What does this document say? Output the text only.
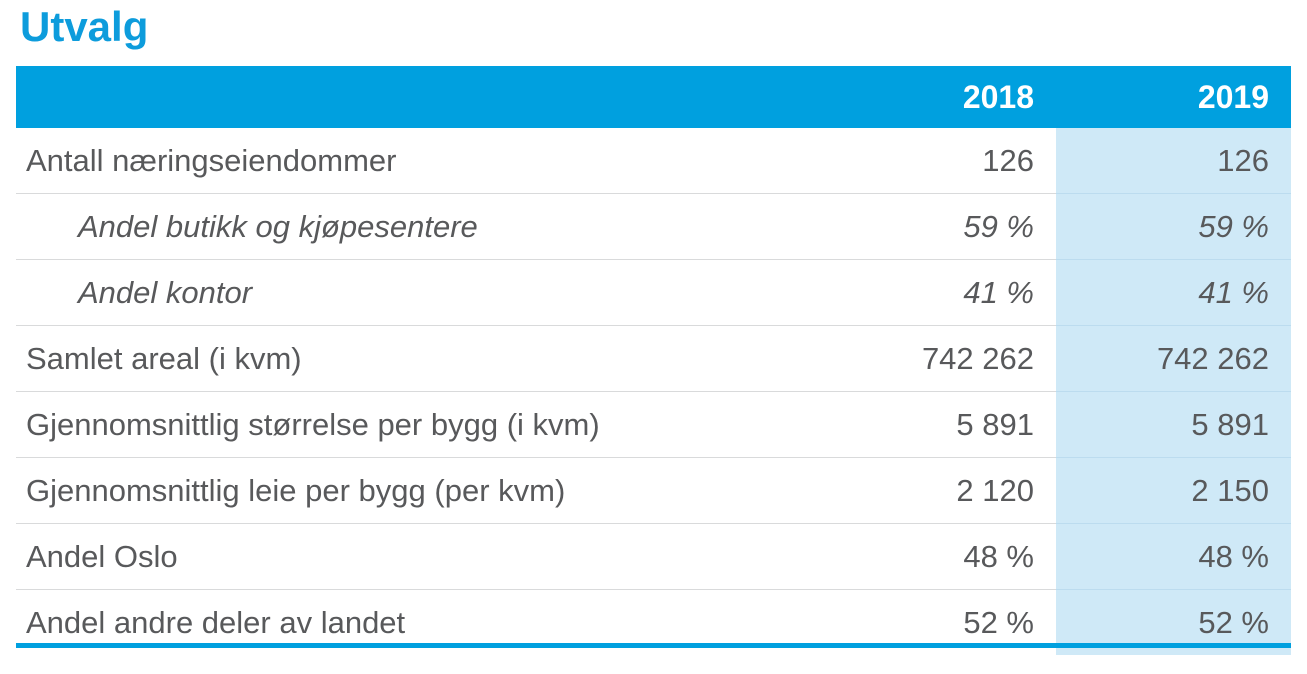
Utvalg
	2018	2019
Antall næringseiendommer	126	126
Andel butikk og kjøpesentere	59 %	59 %
Andel kontor	41 %	41 %
Samlet areal (i kvm)	742 262	742 262
Gjennomsnittlig størrelse per bygg (i kvm)	5 891	5 891
Gjennomsnittlig leie per bygg (per kvm)	2 120	2 150
Andel Oslo	48 %	48 %
Andel andre deler av landet	52 %	52 %
